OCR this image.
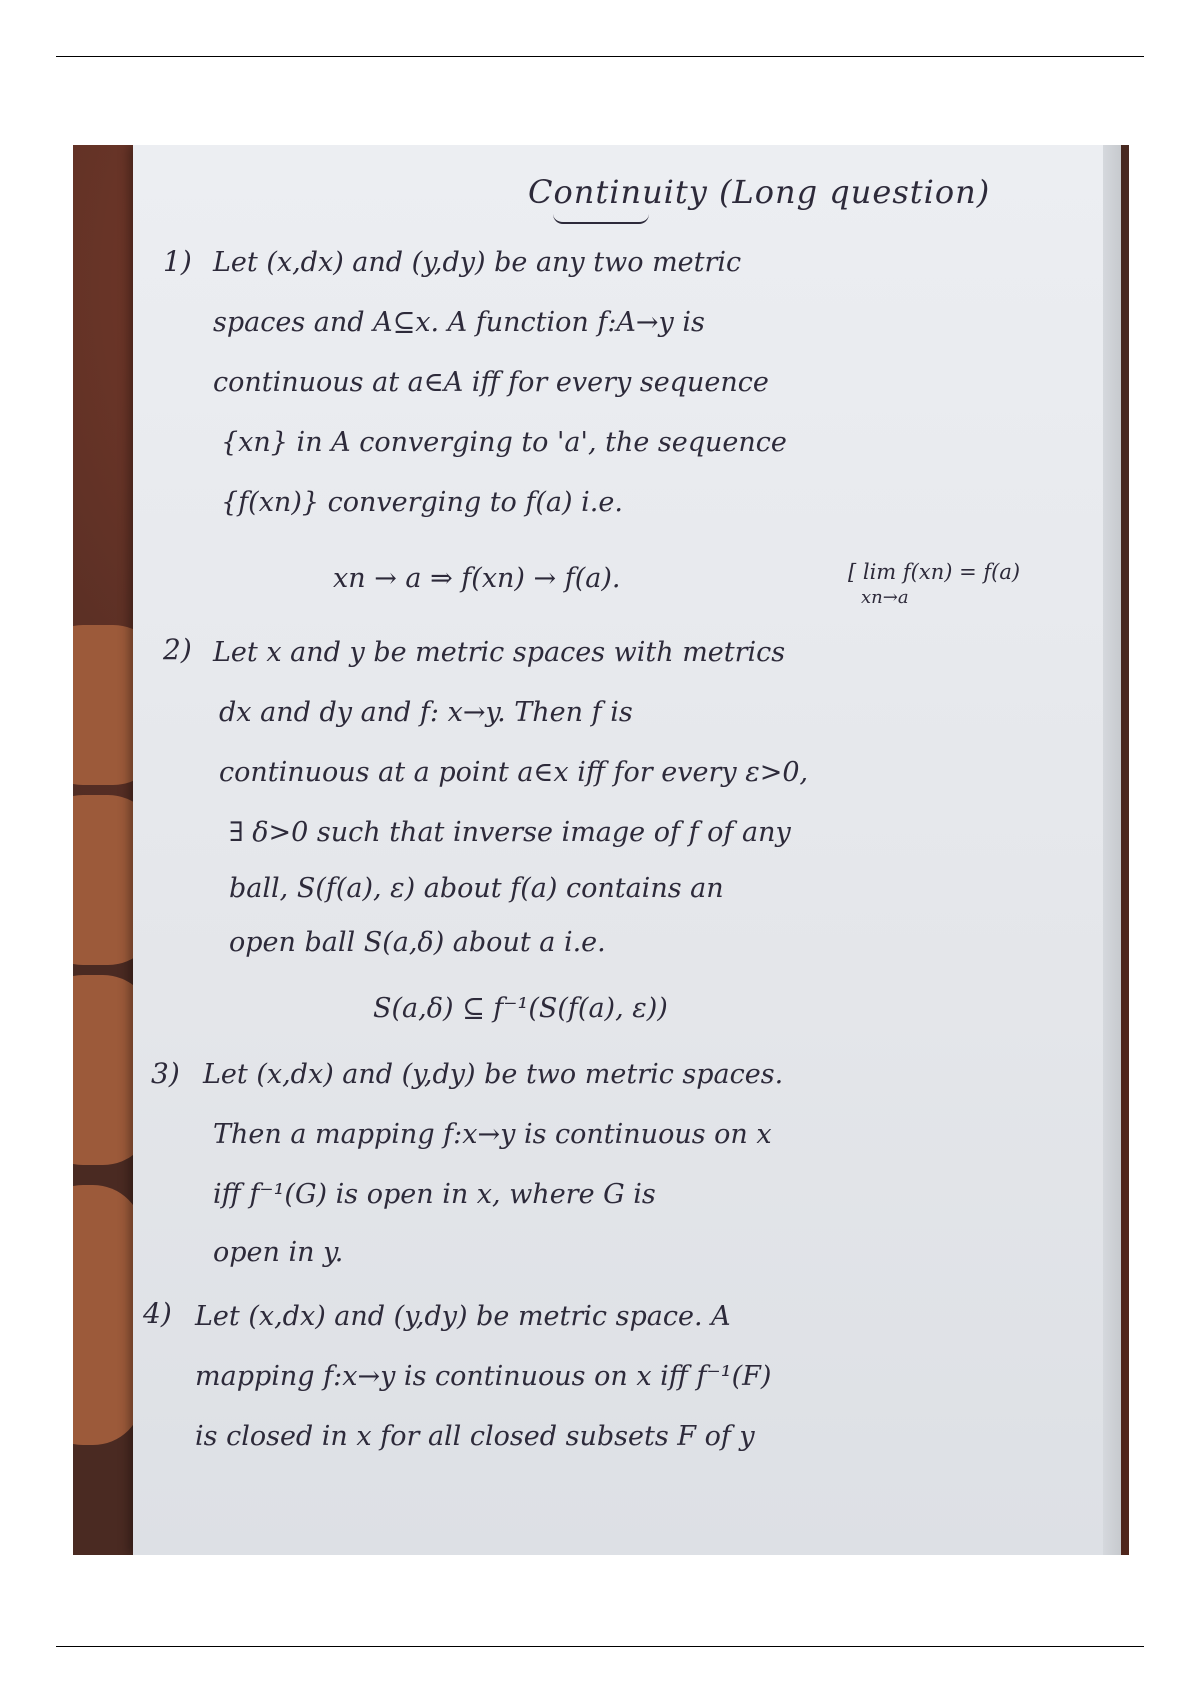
Continuity (Long question)
1) Let (x,dx) and (y,dy) be any two metric
spaces and A⊆x. A function f:A→y is
continuous at a∈A iff for every sequence
{xn} in A converging to 'a', the sequence
{f(xn)} converging to f(a) i.e.
xn → a ⇒ f(xn) → f(a).	[ lim f(xn) = f(a)
xn→a
2) Let x and y be metric spaces with metrics
dx and dy and f: x→y. Then f is
continuous at a point a∈x iff for every ε>0,
∃ δ>0 such that inverse image of f of any
ball, S(f(a), ε) about f(a) contains an
open ball S(a,δ) about a i.e.
S(a,δ) ⊆ f⁻¹(S(f(a), ε))
3) Let (x,dx) and (y,dy) be two metric spaces.
Then a mapping f:x→y is continuous on x
iff f⁻¹(G) is open in x, where G is
open in y.
4) Let (x,dx) and (y,dy) be metric space. A
mapping f:x→y is continuous on x iff f⁻¹(F)
is closed in x for all closed subsets F of y
